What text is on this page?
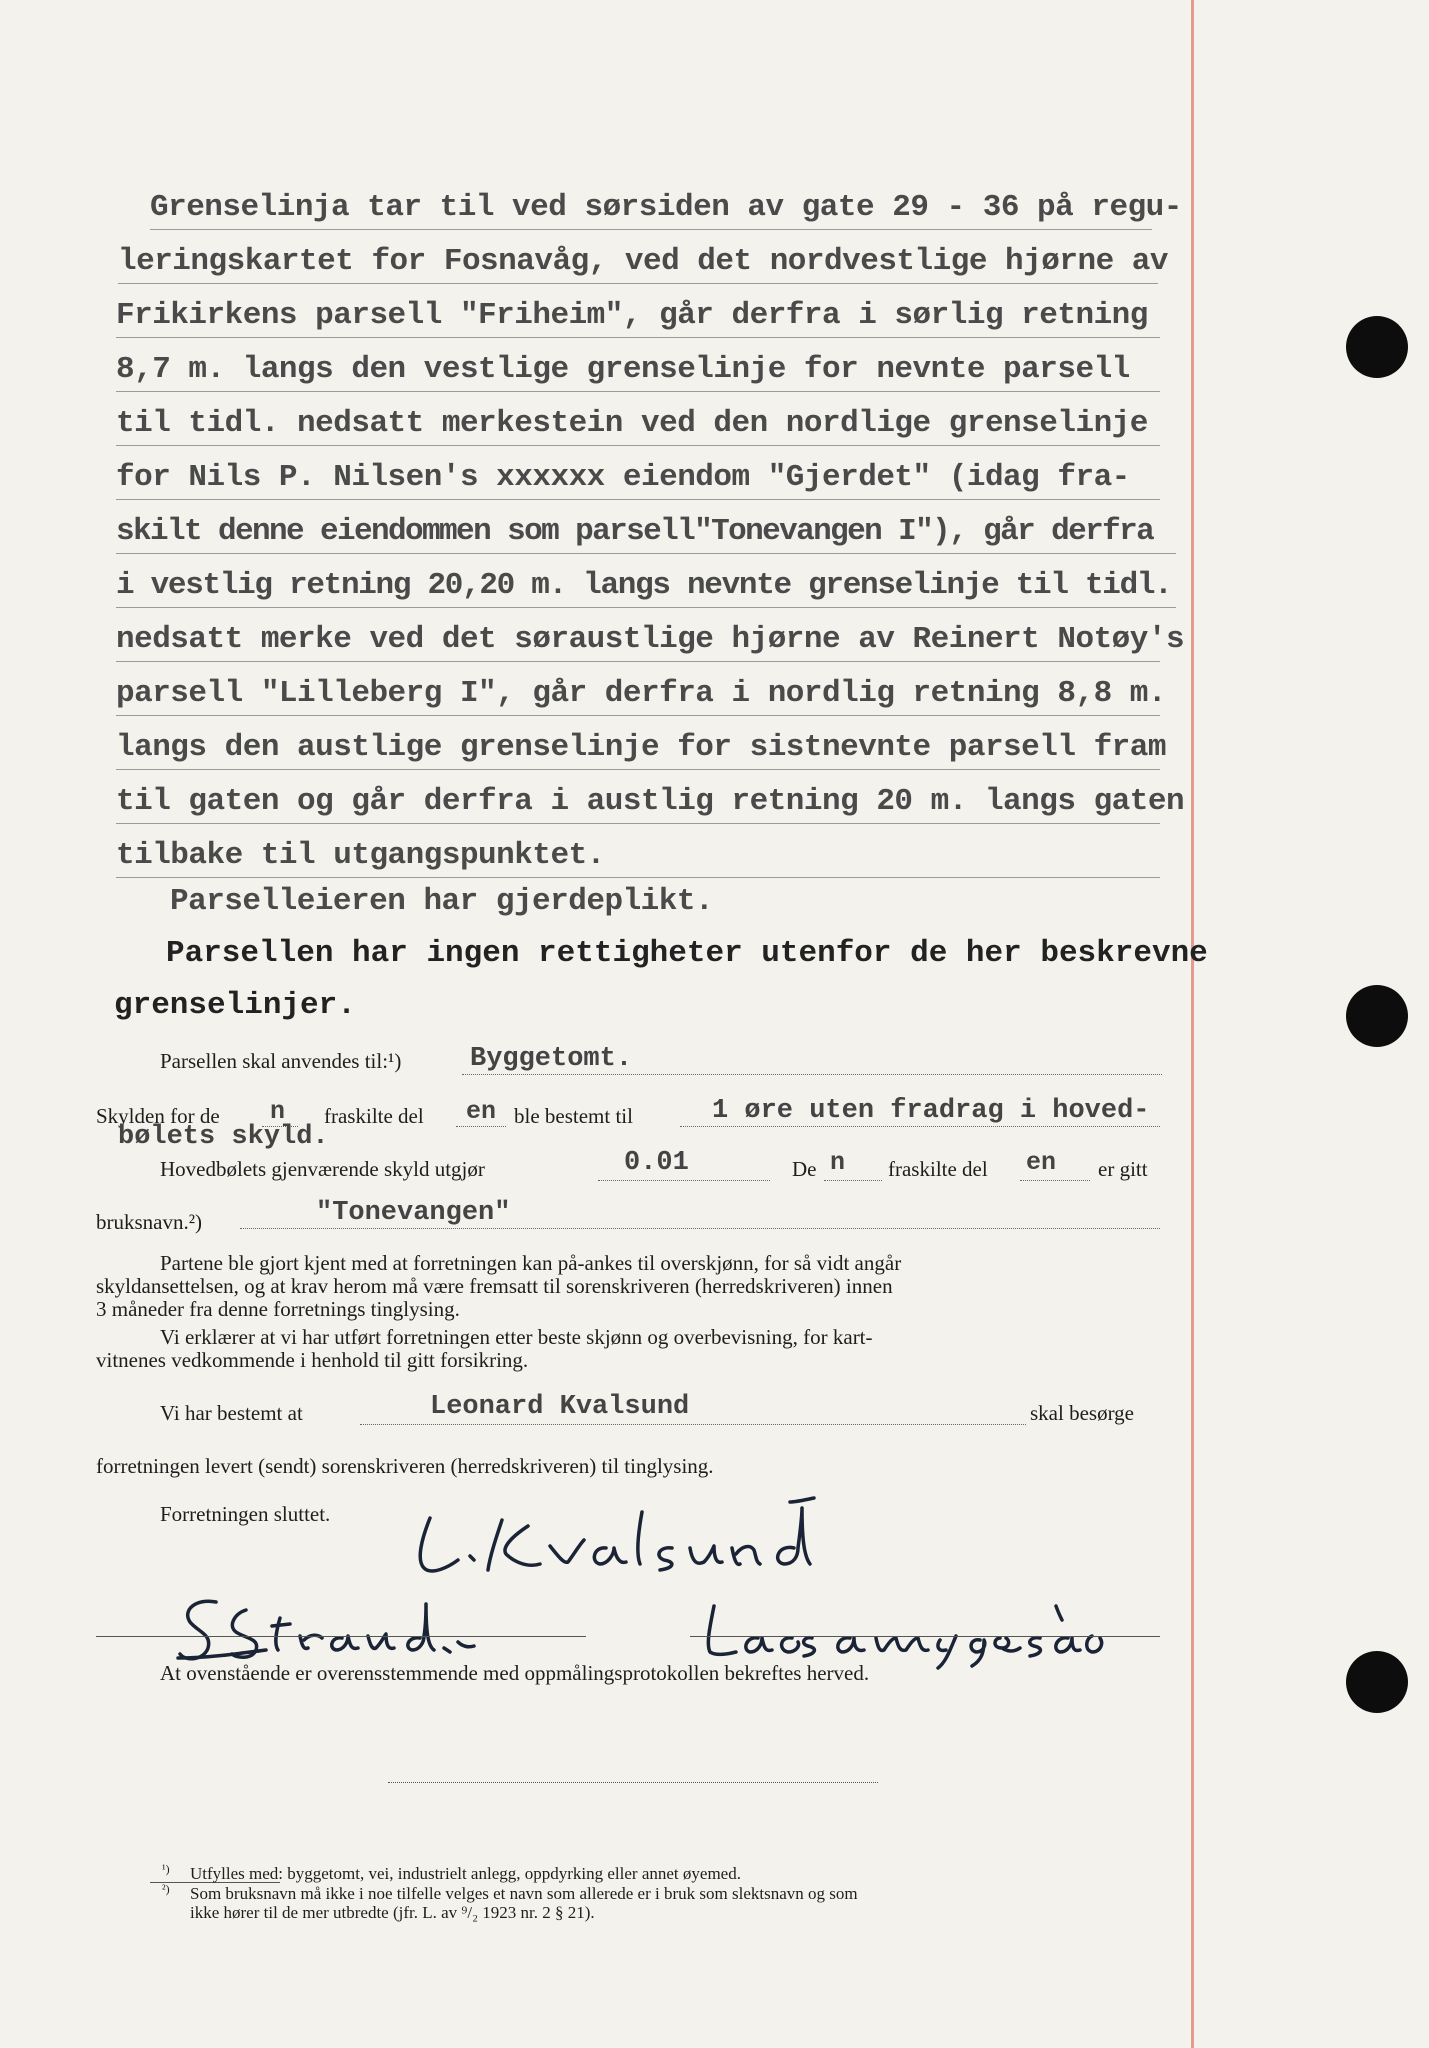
Grenselinja tar til ved sørsiden av gate 29 - 36 på regu-
leringskartet for Fosnavåg, ved det nordvestlige hjørne av
Frikirkens parsell "Friheim", går derfra i sørlig retning
8,7 m. langs den vestlige grenselinje for nevnte parsell
til tidl. nedsatt merkestein ved den nordlige grenselinje
for Nils P. Nilsen's xxxxxx eiendom "Gjerdet" (idag fra-
skilt denne eiendommen som parsell"Tonevangen I"), går derfra
i vestlig retning 20,20 m. langs nevnte grenselinje til tidl.
nedsatt merke ved det søraustlige hjørne av Reinert Notøy's
parsell "Lilleberg I", går derfra i nordlig retning 8,8 m.
langs den austlige grenselinje for sistnevnte parsell fram
til gaten og går derfra i austlig retning 20 m. langs gaten
tilbake til utgangspunktet.
Parselleieren har gjerdeplikt.
Parsellen har ingen rettigheter utenfor de her beskrevne
grenselinjer.
Parsellen skal anvendes til:¹)	Byggetomt.
Skylden for de n fraskilte del en ble bestemt til	1 øre uten fradrag i hoved-
bølets skyld.
Hovedbølets gjenværende skyld utgjør	0.01	De n fraskilte del en er gitt
bruksnavn.²)	"Tonevangen"
Partene ble gjort kjent med at forretningen kan på-ankes til overskjønn, for så vidt angår
skyldansettelsen, og at krav herom må være fremsatt til sorenskriveren (herredskriveren) innen
3 måneder fra denne forretnings tinglysing.
Vi erklærer at vi har utført forretningen etter beste skjønn og overbevisning, for kart-
vitnenes vedkommende i henhold til gitt forsikring.
Vi har bestemt at	Leonard Kvalsund	skal besørge
forretningen levert (sendt) sorenskriveren (herredskriveren) til tinglysing.
Forretningen sluttet.
At ovenstående er overensstemmende med oppmålingsprotokollen bekreftes herved.
¹) Utfylles med: byggetomt, vei, industrielt anlegg, oppdyrking eller annet øyemed.
²) Som bruksnavn må ikke i noe tilfelle velges et navn som allerede er i bruk som slektsnavn og som
ikke hører til de mer utbredte (jfr. L. av ⁹/₂ 1923 nr. 2 § 21).
